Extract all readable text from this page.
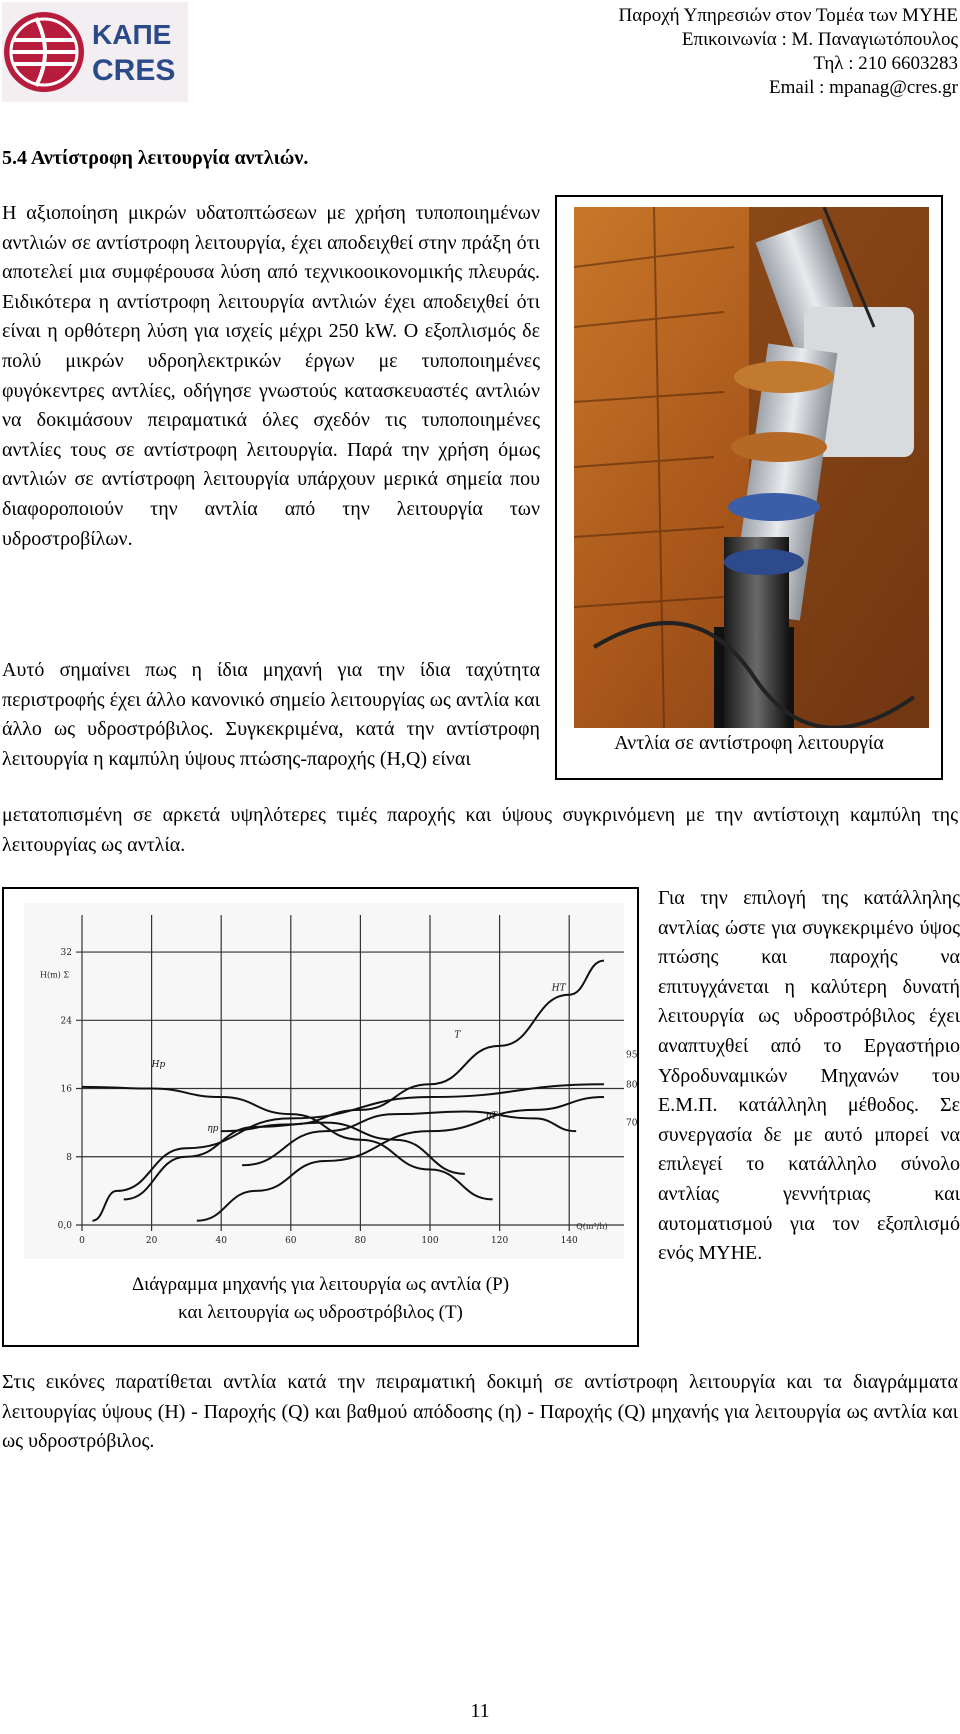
ΚΑΠΕ
CRES
Παροχή Υπηρεσιών στον Τομέα των ΜΥΗΕ
Επικοινωνία : Μ. Παναγιωτόπουλος
Τηλ : 210 6603283
Email : mpanag@cres.gr
5.4 Αντίστροφη λειτουργία αντλιών.
Η αξιοποίηση μικρών υδατοπτώσεων με χρήση τυποποιημένων αντλιών σε αντίστροφη λειτουργία, έχει αποδειχθεί στην πράξη ότι αποτελεί μια συμφέρουσα λύση από τεχνικοοικονομικής πλευράς. Ειδικότερα η αντίστροφη λειτουργία αντλιών έχει αποδειχθεί ότι είναι η ορθότερη λύση για ισχείς μέχρι 250 kW. Ο εξοπλισμός δε πολύ μικρών υδροηλεκτρικών έργων με τυποποιημένες φυγόκεντρες αντλίες, οδήγησε γνωστούς κατασκευαστές αντλιών να δοκιμάσουν πειραματικά όλες σχεδόν τις τυποποιημένες αντλίες τους σε αντίστροφη λειτουργία. Παρά την χρήση όμως αντλιών σε αντίστροφη λειτουργία υπάρχουν μερικά σημεία που διαφοροποιούν την αντλία από την λειτουργία των υδροστροβίλων.
Αντλία σε αντίστροφη λειτουργία
Αυτό σημαίνει πως η ίδια μηχανή για την ίδια ταχύτητα περιστροφής έχει άλλο κανονικό σημείο λειτουργίας ως αντλία και άλλο ως υδροστρόβιλος. Συγκεκριμένα, κατά την αντίστροφη λειτουργία η καμπύλη ύψους πτώσης-παροχής (H,Q) είναι
μετατοπισμένη σε αρκετά υψηλότερες τιμές παροχής και ύψους συγκρινόμενη με την αντίστοιχη καμπύλη της λειτουργίας ως αντλία.
0	20	40	60	80	100	120	140
0,0
8
16
24
32
95
80
70
H(m) Σ
Q(m³/h)
Hp
HT
ηp
ηT
T
Διάγραμμα μηχανής για λειτουργία ως αντλία (P)
και λειτουργία ως υδροστρόβιλος (T)
Για την επιλογή της κατάλληλης αντλίας ώστε για συγκεκριμένο ύψος πτώσης και παροχής να επιτυγχάνεται η καλύτερη δυνατή λειτουργία ως υδροστρόβιλος έχει αναπτυχθεί από το Εργαστήριο Υδροδυναμικών Μηχανών του Ε.Μ.Π. κατάλληλη μέθοδος. Σε συνεργασία δε με αυτό μπορεί να επιλεγεί το κατάλληλο σύνολο αντλίας γεννήτριας και αυτοματισμού για τον εξοπλισμό ενός ΜΥΗΕ.
Στις εικόνες παρατίθεται αντλία κατά την πειραματική δοκιμή σε αντίστροφη λειτουργία και τα διαγράμματα λειτουργίας ύψους (H) - Παροχής (Q) και βαθμού απόδοσης (η) - Παροχής (Q) μηχανής για λειτουργία ως αντλία και ως υδροστρόβιλος.
11
